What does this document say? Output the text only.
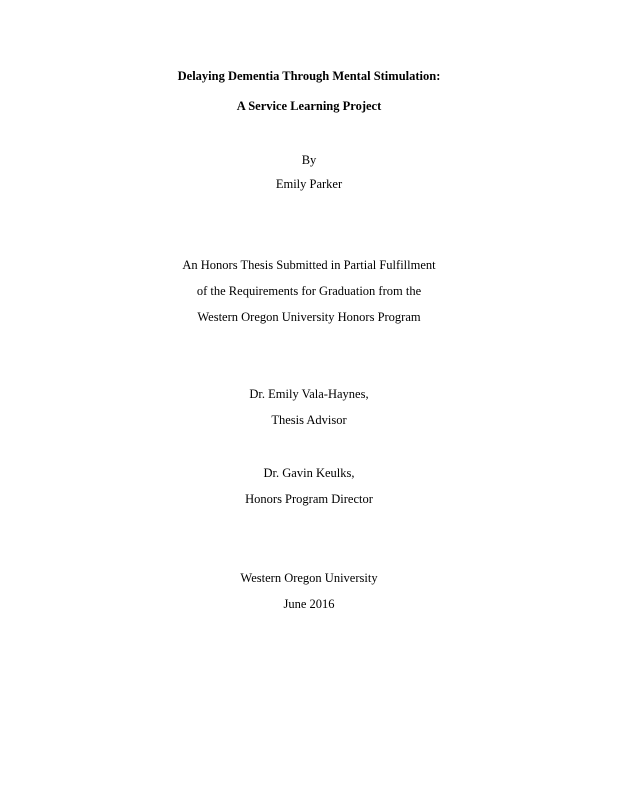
Delaying Dementia Through Mental Stimulation:
A Service Learning Project
By
Emily Parker
An Honors Thesis Submitted in Partial Fulfillment
of the Requirements for Graduation from the
Western Oregon University Honors Program
Dr. Emily Vala-Haynes,
Thesis Advisor
Dr. Gavin Keulks,
Honors Program Director
Western Oregon University
June 2016
